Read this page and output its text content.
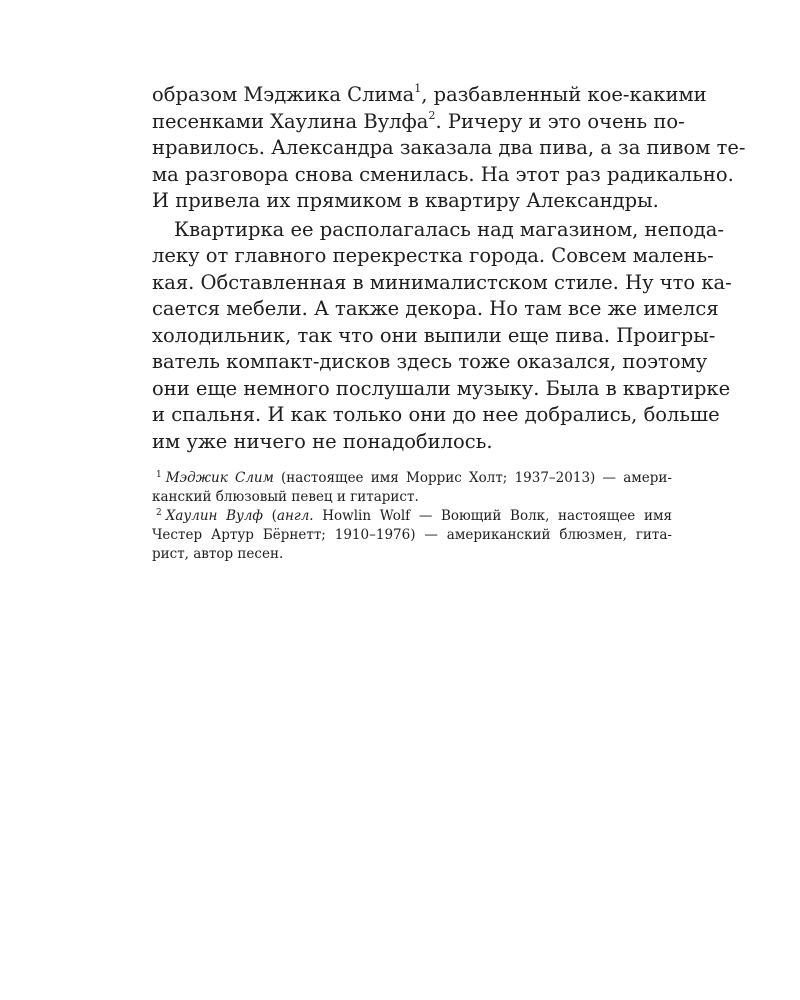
образом Мэджика Слима$^1$, разбавленный кое-какими
песенками Хаулина Вулфа$^2$. Ричеру и это очень по-
нравилось. Александра заказала два пива, а за пивом те-
ма разговора снова сменилась. На этот раз радикально.
И привела их прямиком в квартиру Александры.
Квартирка ее располагалась над магазином, непода-
леку от главного перекрестка города. Совсем малень-
кая. Обставленная в минималистском стиле. Ну что ка-
сается мебели. А также декора. Но там все же имелся
холодильник, так что они выпили еще пива. Проигры-
ватель компакт-дисков здесь тоже оказался, поэтому
они еще немного послушали музыку. Была в квартирке
и спальня. И как только они до нее добрались, больше
им уже ничего не понадобилось.
$^1$ Мэджик Слим (настоящее имя Моррис Холт; 1937–2013) — амери-
канский блюзовый певец и гитарист.
$^2$ Хаулин Вулф (англ. Howlin Wolf — Воющий Волк, настоящее имя
Честер Артур Бёрнетт; 1910–1976) — американский блюзмен, гита-
рист, автор песен.
